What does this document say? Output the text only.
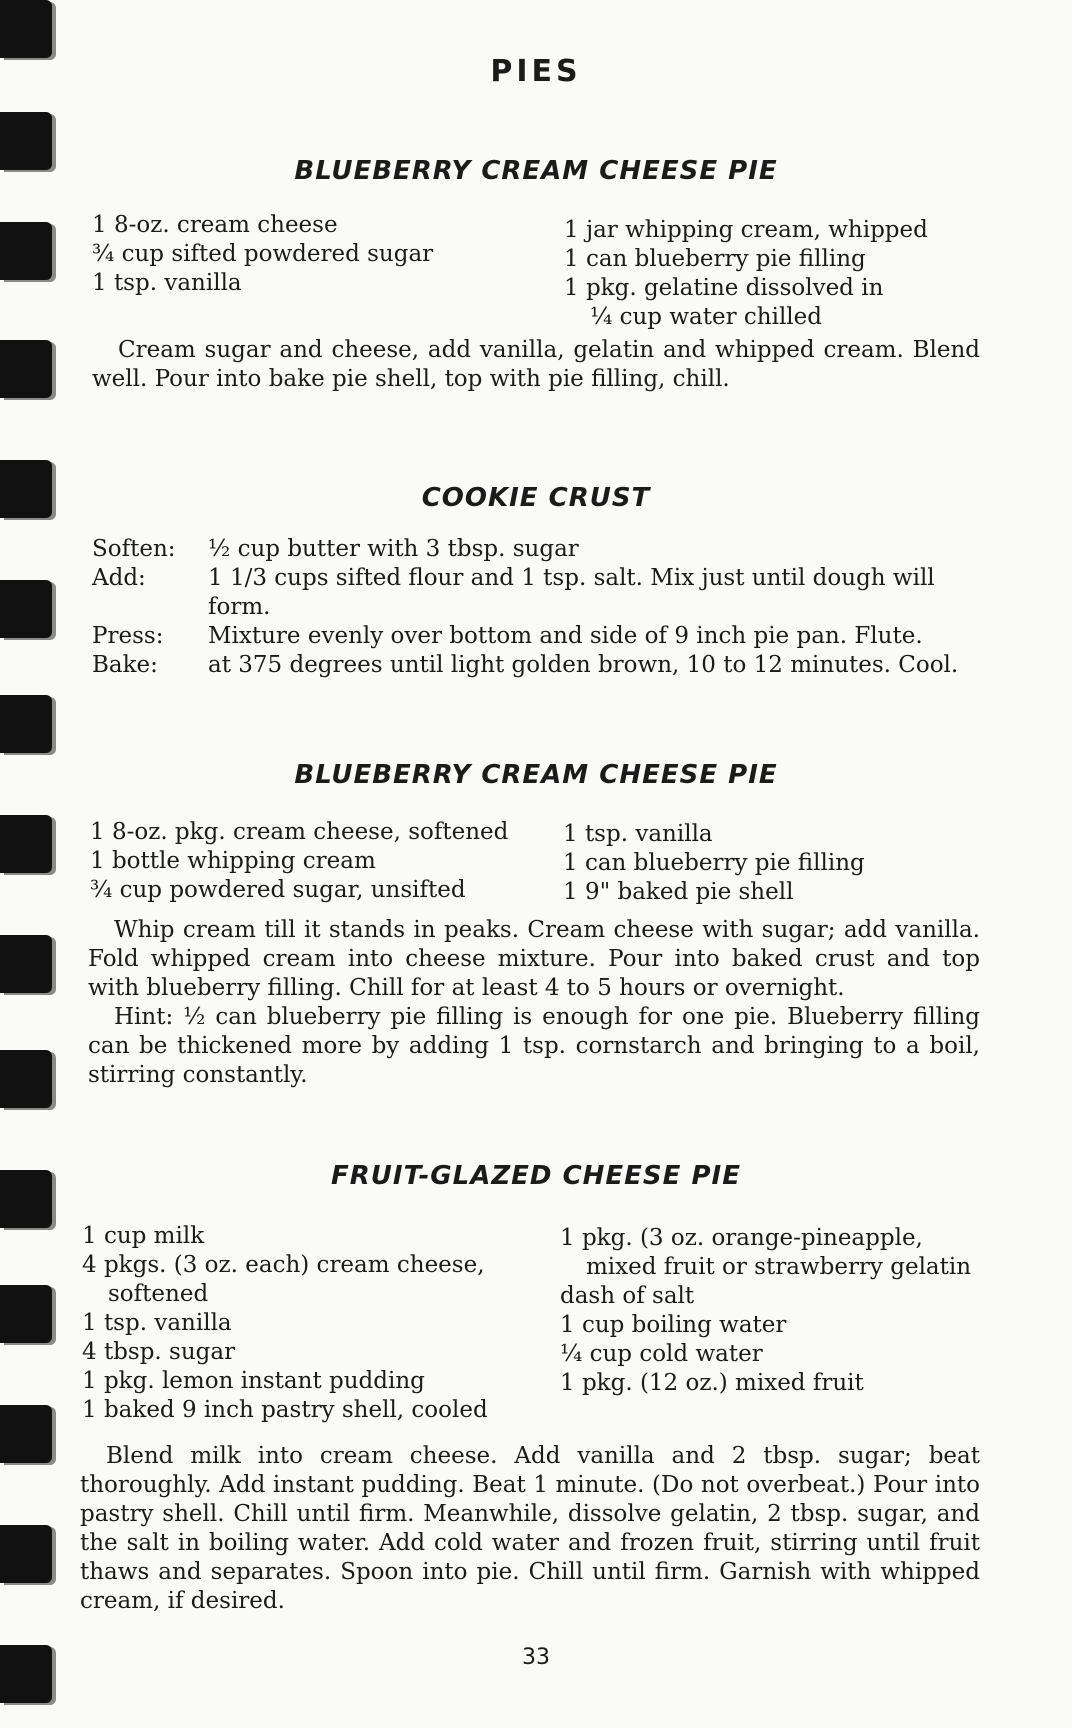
PIES
BLUEBERRY CREAM CHEESE PIE
1 8-oz. cream cheese
¾ cup sifted powdered sugar
1 tsp. vanilla
1 jar whipping cream, whipped
1 can blueberry pie filling
1 pkg. gelatine dissolved in
¼ cup water chilled

Cream sugar and cheese, add vanilla, gelatin and whipped cream. Blend well. Pour into bake pie shell, top with pie filling, chill.

COOKIE CRUST
Soften:	½ cup butter with 3 tbsp. sugar
Add:	1 1/3 cups sifted flour and 1 tsp. salt. Mix just until dough will form.
Press:	Mixture evenly over bottom and side of 9 inch pie pan. Flute.
Bake:	at 375 degrees until light golden brown, 10 to 12 minutes. Cool.
BLUEBERRY CREAM CHEESE PIE
1 8-oz. pkg. cream cheese, softened
1 bottle whipping cream
¾ cup powdered sugar, unsifted
1 tsp. vanilla
1 can blueberry pie filling
1 9" baked pie shell

Whip cream till it stands in peaks. Cream cheese with sugar; add vanilla. Fold whipped cream into cheese mixture. Pour into baked crust and top with blueberry filling. Chill for at least 4 to 5 hours or overnight.

Hint: ½ can blueberry pie filling is enough for one pie. Blueberry filling can be thickened more by adding 1 tsp. cornstarch and bringing to a boil, stirring constantly.

FRUIT-GLAZED CHEESE PIE
1 cup milk
4 pkgs. (3 oz. each) cream cheese,
softened
1 tsp. vanilla
4 tbsp. sugar
1 pkg. lemon instant pudding
1 baked 9 inch pastry shell, cooled
1 pkg. (3 oz. orange-pineapple,
mixed fruit or strawberry gelatin
dash of salt
1 cup boiling water
¼ cup cold water
1 pkg. (12 oz.) mixed fruit

Blend milk into cream cheese. Add vanilla and 2 tbsp. sugar; beat thoroughly. Add instant pudding. Beat 1 minute. (Do not overbeat.) Pour into pastry shell. Chill until firm. Meanwhile, dissolve gelatin, 2 tbsp. sugar, and the salt in boiling water. Add cold water and frozen fruit, stirring until fruit thaws and separates. Spoon into pie. Chill until firm. Garnish with whipped cream, if desired.

33
